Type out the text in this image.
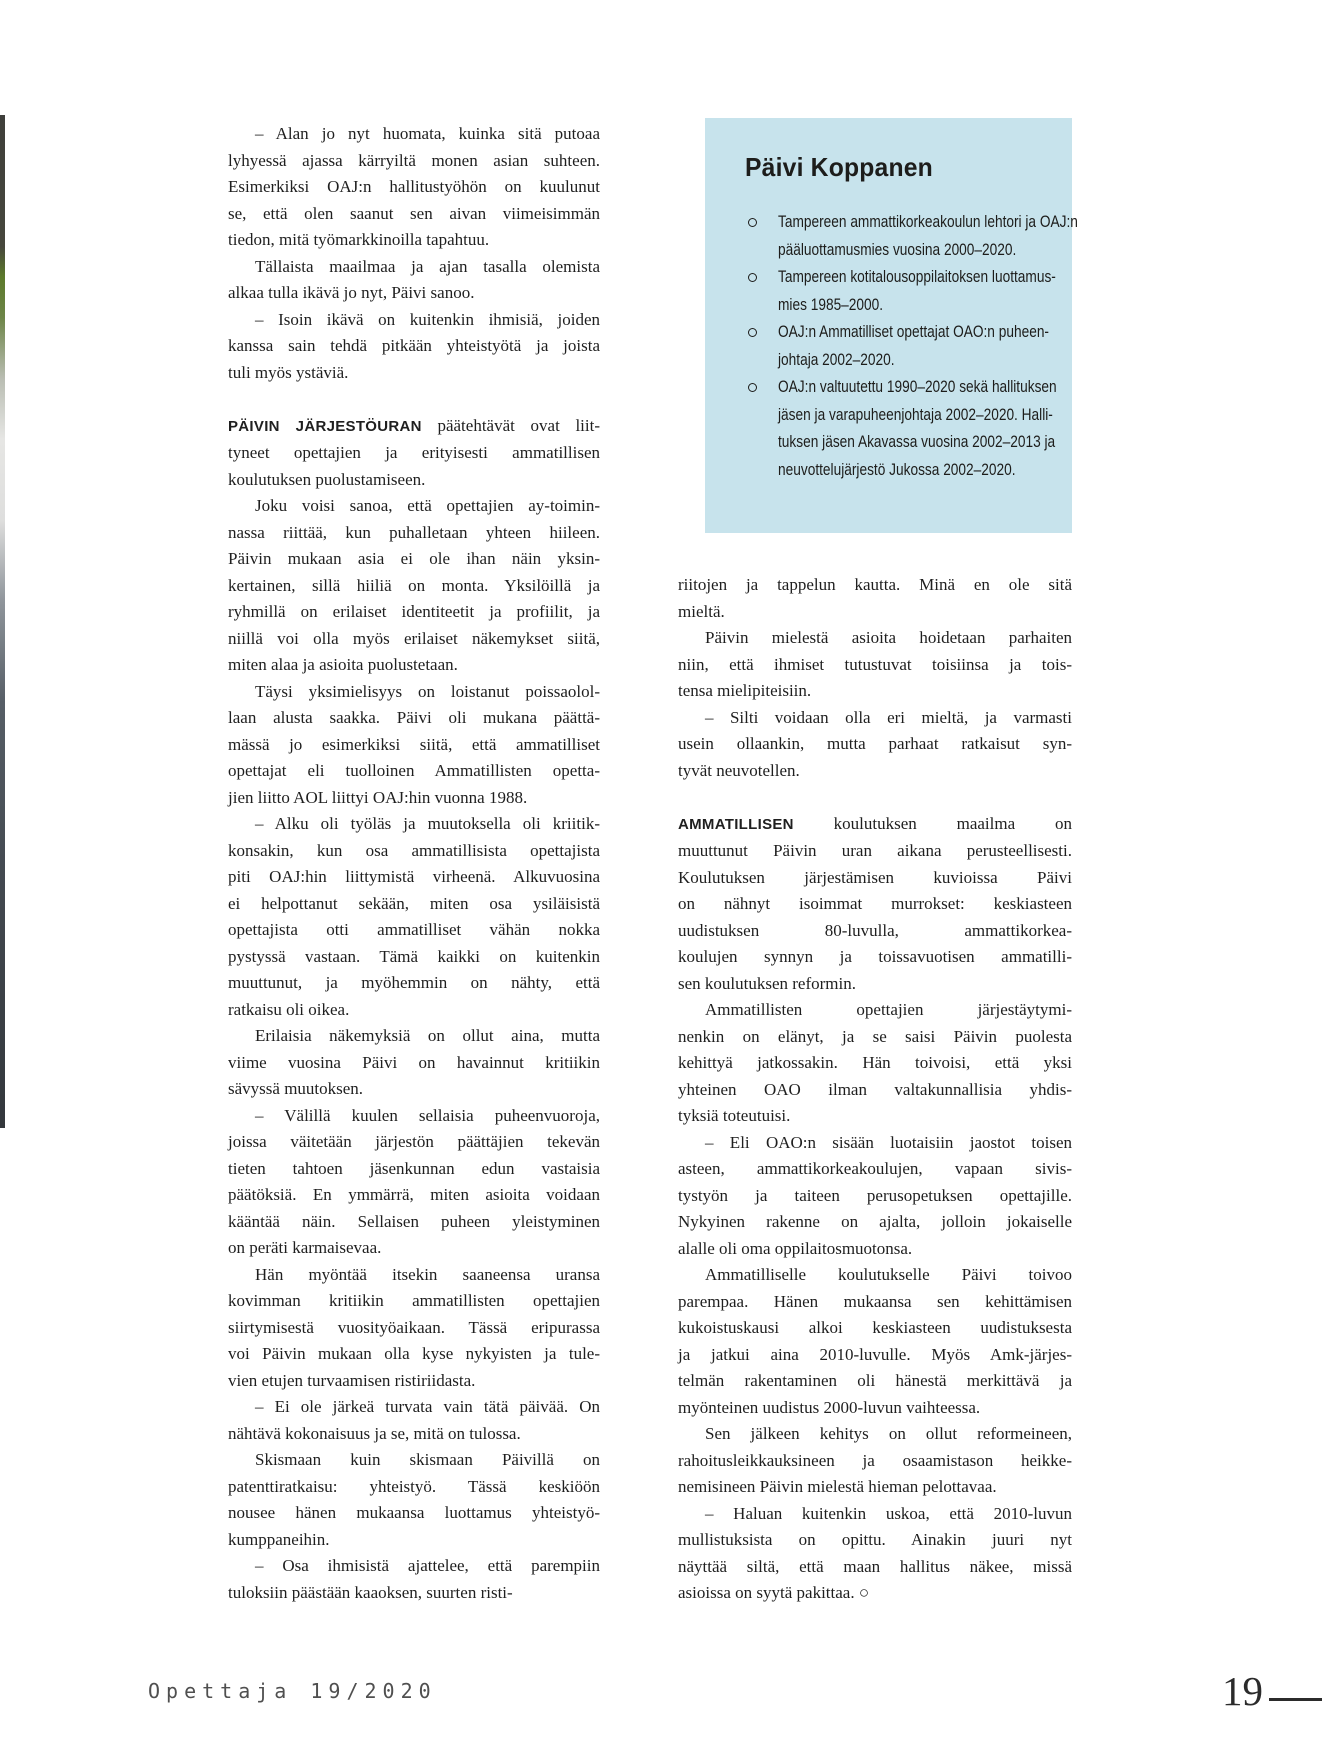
Päivi Koppanen
Tampereen ammattikorkeakoulun lehtori ja OAJ:n
pääluottamusmies vuosina 2000–2020.
Tampereen kotitalousoppilaitoksen luottamus-
mies 1985–2000.
OAJ:n Ammatilliset opettajat OAO:n puheen-
johtaja 2002–2020.
OAJ:n valtuutettu 1990–2020 sekä hallituksen
jäsen ja varapuheenjohtaja 2002–2020. Halli-
tuksen jäsen Akavassa vuosina 2002–2013 ja
neuvottelujärjestö Jukossa 2002–2020.
– Alan jo nyt huomata, kuinka sitä putoaa
lyhyessä ajassa kärryiltä monen asian suhteen.
Esimerkiksi OAJ:n hallitustyöhön on kuulunut
se, että olen saanut sen aivan viimeisimmän
tiedon, mitä työmarkkinoilla tapahtuu.
Tällaista maailmaa ja ajan tasalla olemista
alkaa tulla ikävä jo nyt, Päivi sanoo.
– Isoin ikävä on kuitenkin ihmisiä, joiden
kanssa sain tehdä pitkään yhteistyötä ja joista
tuli myös ystäviä.
PÄIVIN JÄRJESTÖURAN päätehtävät ovat liit-
tyneet opettajien ja erityisesti ammatillisen
koulutuksen puolustamiseen.
Joku voisi sanoa, että opettajien ay-toimin-
nassa riittää, kun puhalletaan yhteen hiileen.
Päivin mukaan asia ei ole ihan näin yksin-
kertainen, sillä hiiliä on monta. Yksilöillä ja
ryhmillä on erilaiset identiteetit ja profiilit, ja
niillä voi olla myös erilaiset näkemykset siitä,
miten alaa ja asioita puolustetaan.
Täysi yksimielisyys on loistanut poissaolol-
laan alusta saakka. Päivi oli mukana päättä-
mässä jo esimerkiksi siitä, että ammatilliset
opettajat eli tuolloinen Ammatillisten opetta-
jien liitto AOL liittyi OAJ:hin vuonna 1988.
– Alku oli työläs ja muutoksella oli kriitik-
konsakin, kun osa ammatillisista opettajista
piti OAJ:hin liittymistä virheenä. Alkuvuosina
ei helpottanut sekään, miten osa ysiläisistä
opettajista otti ammatilliset vähän nokka
pystyssä vastaan. Tämä kaikki on kuitenkin
muuttunut, ja myöhemmin on nähty, että
ratkaisu oli oikea.
Erilaisia näkemyksiä on ollut aina, mutta
viime vuosina Päivi on havainnut kritiikin
sävyssä muutoksen.
– Välillä kuulen sellaisia puheenvuoroja,
joissa väitetään järjestön päättäjien tekevän
tieten tahtoen jäsenkunnan edun vastaisia
päätöksiä. En ymmärrä, miten asioita voidaan
kääntää näin. Sellaisen puheen yleistyminen
on peräti karmaisevaa.
Hän myöntää itsekin saaneensa uransa
kovimman kritiikin ammatillisten opettajien
siirtymisestä vuosityöaikaan. Tässä eripurassa
voi Päivin mukaan olla kyse nykyisten ja tule-
vien etujen turvaamisen ristiriidasta.
– Ei ole järkeä turvata vain tätä päivää. On
nähtävä kokonaisuus ja se, mitä on tulossa.
Skismaan kuin skismaan Päivillä on
patenttiratkaisu: yhteistyö. Tässä keskiöön
nousee hänen mukaansa luottamus yhteistyö-
kumppaneihin.
– Osa ihmisistä ajattelee, että parempiin
tuloksiin päästään kaaoksen, suurten risti-
riitojen ja tappelun kautta. Minä en ole sitä
mieltä.
Päivin mielestä asioita hoidetaan parhaiten
niin, että ihmiset tutustuvat toisiinsa ja tois-
tensa mielipiteisiin.
– Silti voidaan olla eri mieltä, ja varmasti
usein ollaankin, mutta parhaat ratkaisut syn-
tyvät neuvotellen.
AMMATILLISEN koulutuksen maailma on
muuttunut Päivin uran aikana perusteellisesti.
Koulutuksen järjestämisen kuvioissa Päivi
on nähnyt isoimmat murrokset: keskiasteen
uudistuksen 80-luvulla, ammattikorkea-
koulujen synnyn ja toissavuotisen ammatilli-
sen koulutuksen reformin.
Ammatillisten opettajien järjestäytymi-
nenkin on elänyt, ja se saisi Päivin puolesta
kehittyä jatkossakin. Hän toivoisi, että yksi
yhteinen OAO ilman valtakunnallisia yhdis-
tyksiä toteutuisi.
– Eli OAO:n sisään luotaisiin jaostot toisen
asteen, ammattikorkeakoulujen, vapaan sivis-
tystyön ja taiteen perusopetuksen opettajille.
Nykyinen rakenne on ajalta, jolloin jokaiselle
alalle oli oma oppilaitosmuotonsa.
Ammatilliselle koulutukselle Päivi toivoo
parempaa. Hänen mukaansa sen kehittämisen
kukoistuskausi alkoi keskiasteen uudistuksesta
ja jatkui aina 2010-luvulle. Myös Amk-järjes-
telmän rakentaminen oli hänestä merkittävä ja
myönteinen uudistus 2000-luvun vaihteessa.
Sen jälkeen kehitys on ollut reformeineen,
rahoitusleikkauksineen ja osaamistason heikke-
nemisineen Päivin mielestä hieman pelottavaa.
– Haluan kuitenkin uskoa, että 2010-luvun
mullistuksista on opittu. Ainakin juuri nyt
näyttää siltä, että maan hallitus näkee, missä
asioissa on syytä pakittaa. ○
Opettaja 19/2020	19
